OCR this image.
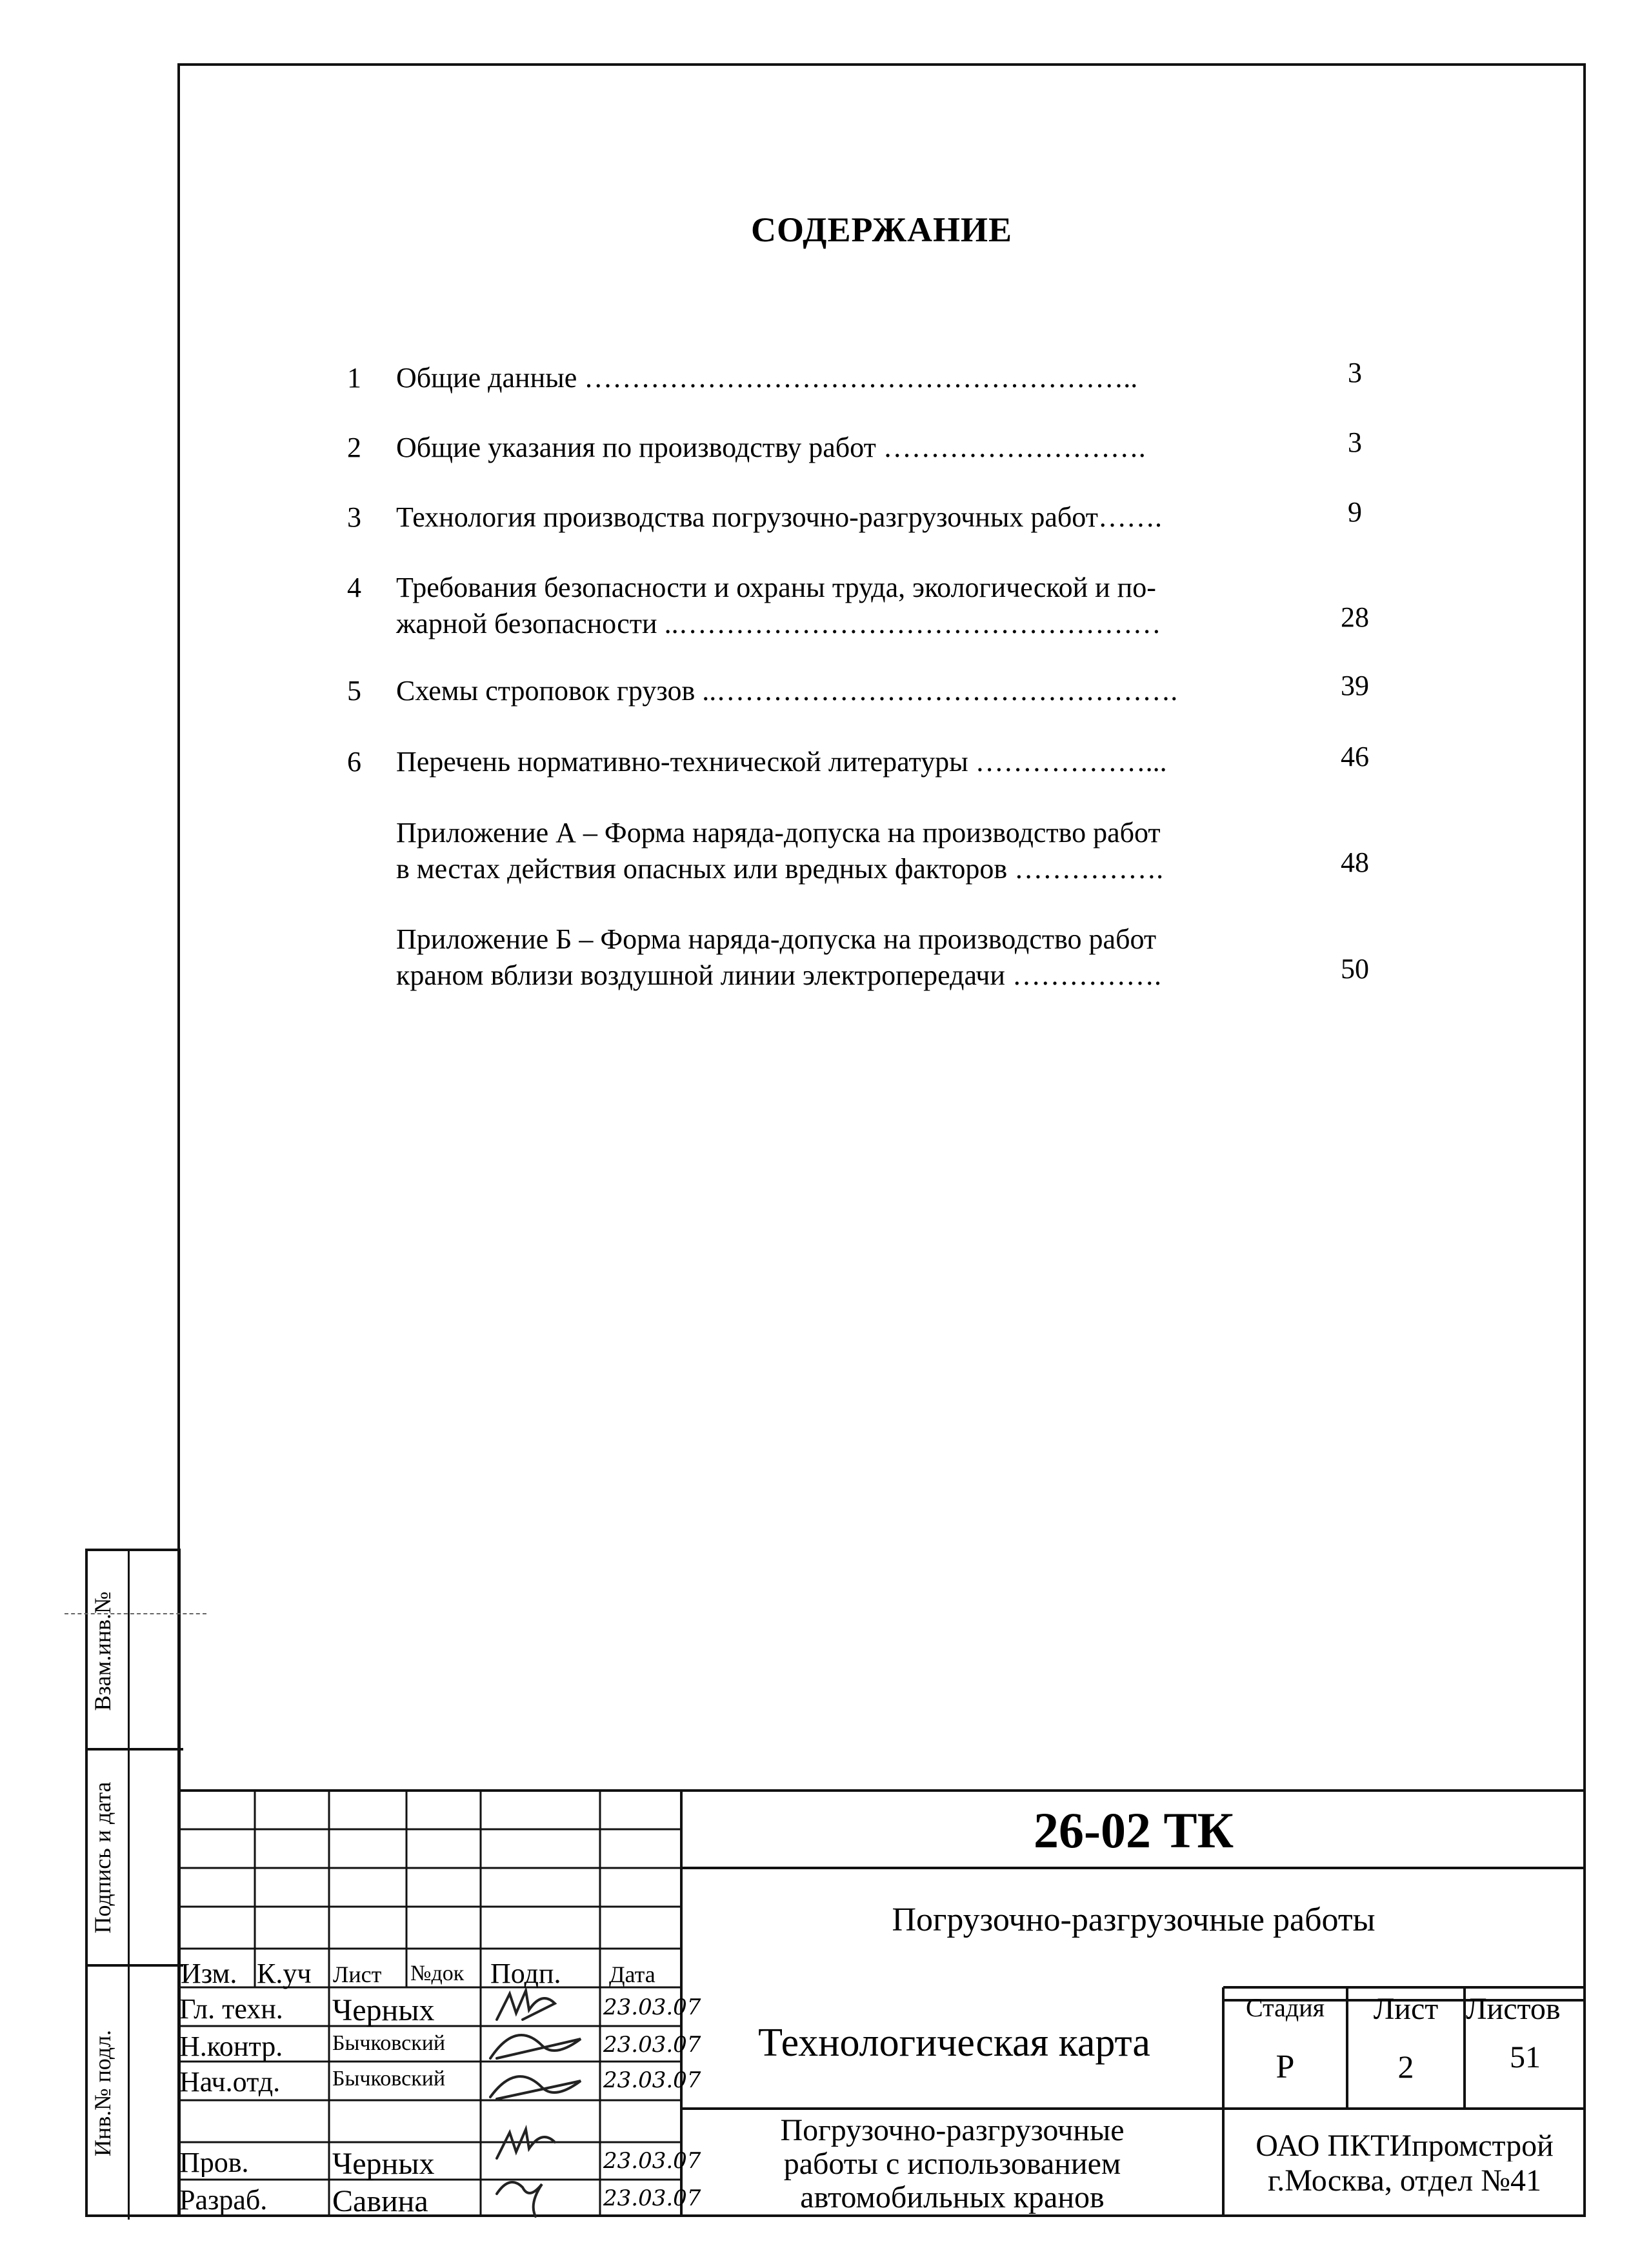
СОДЕРЖАНИЕ
1 Общие данные …………………………………………………..	3
2 Общие указания по производству работ ……………………….	3
3 Технология производства погрузочно-разгрузочных работ…….	9
4 Требования безопасности и охраны труда, экологической и по-
жарной безопасности ..……………………………………………	28
5 Схемы строповок грузов ..………………………………………….	39
6 Перечень нормативно-технической литературы ………………...	46
Приложение А – Форма наряда-допуска на производство работ
в местах действия опасных или вредных факторов …………….	48
Приложение Б – Форма наряда-допуска на производство работ
краном вблизи воздушной линии электропередачи …………….	50
Взам.инв.№
Подпись и дата
Инв.№ подл.
26-02 ТК
Погрузочно-разгрузочные работы
Изм. К.уч Лист №док Подп. Дата
Гл. техн.	Черных	23.03.07
Н.контр.	Бычковский	23.03.07
Нач.отд.	Бычковский	23.03.07
Пров.	Черных	23.03.07
Разраб.	Савина	23.03.07
Технологическая карта
Погрузочно-разгрузочные
работы с использованием
автомобильных кранов
Стадия	Лист Листов
Р	2	51
ОАО ПКТИпромстрой
г.Москва, отдел №41
